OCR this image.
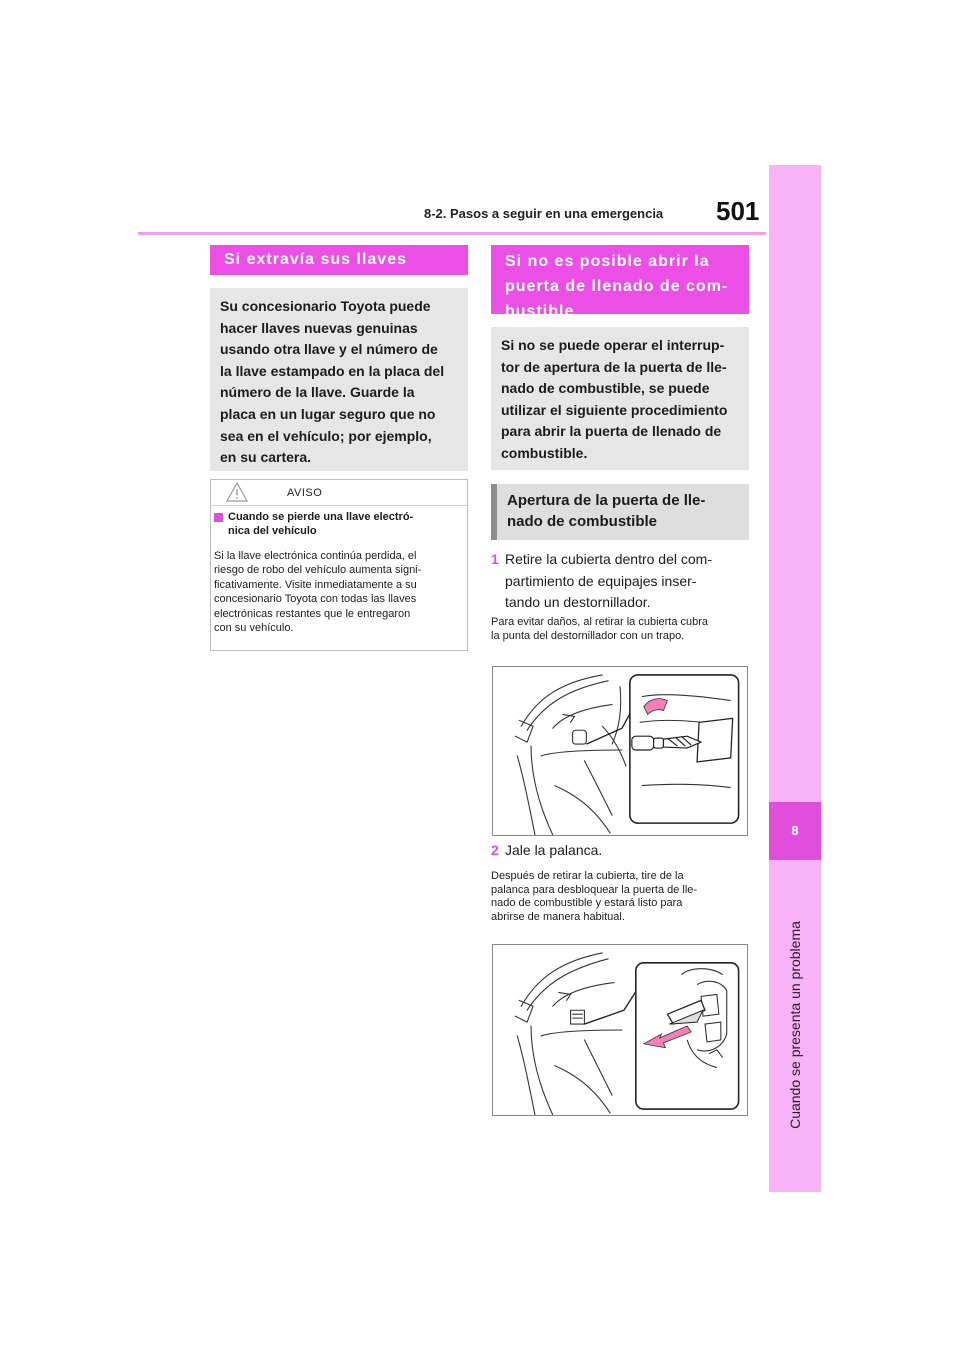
8-2. Pasos a seguir en una emergencia 501
8
Cuando se presenta un problema
Si extravía sus llaves
Su concesionario Toyota puede
hacer llaves nuevas genuinas
usando otra llave y el número de
la llave estampado en la placa del
número de la llave. Guarde la
placa en un lugar seguro que no
sea en el vehículo; por ejemplo,
en su cartera.
AVISO
Cuando se pierde una llave electró-
nica del vehículo
Si la llave electrónica continúa perdida, el
riesgo de robo del vehículo aumenta signi-
ficativamente. Visite inmediatamente a su
concesionario Toyota con todas las llaves
electrónicas restantes que le entregaron
con su vehículo.
Si no es posible abrir la
puerta de llenado de com-
bustible
Si no se puede operar el interrup-
tor de apertura de la puerta de lle-
nado de combustible, se puede
utilizar el siguiente procedimiento
para abrir la puerta de llenado de
combustible.
Apertura de la puerta de lle-
nado de combustible
1 Retire la cubierta dentro del com-
partimiento de equipajes inser-
tando un destornillador.
Para evitar daños, al retirar la cubierta cubra
la punta del destornillador con un trapo.
2 Jale la palanca.
Después de retirar la cubierta, tire de la
palanca para desbloquear la puerta de lle-
nado de combustible y estará listo para
abrirse de manera habitual.
